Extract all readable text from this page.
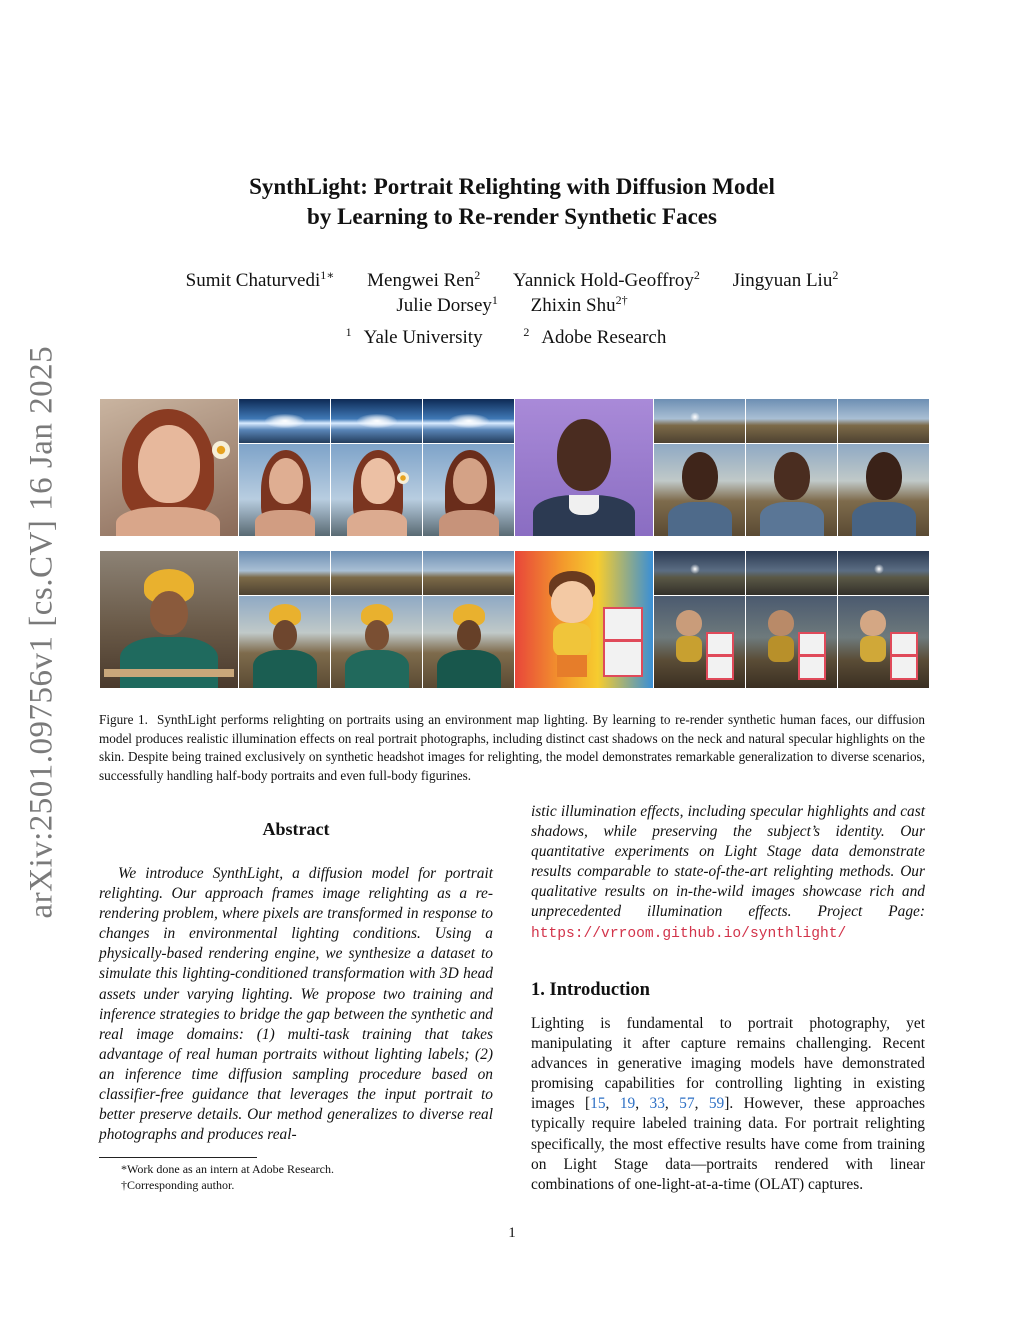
arXiv:2501.09756v1 [cs.CV] 16 Jan 2025
SynthLight: Portrait Relighting with Diffusion Model
by Learning to Re-render Synthetic Faces
Sumit Chaturvedi$^{1∗}$ Mengwei Ren$^2$ Yannick Hold-Geoffroy$^2$ Jingyuan Liu$^2$
Julie Dorsey$^1$ Zhixin Shu$^{2\dagger}$
$^1$ Yale University	$^2$ Adobe Research
Figure 1. SynthLight performs relighting on portraits using an environment map lighting. By learning to re-render synthetic human faces, our diffusion model produces realistic illumination effects on real portrait photographs, including distinct cast shadows on the neck and natural specular highlights on the skin. Despite being trained exclusively on synthetic headshot images for relighting, the model demonstrates remarkable generalization to diverse scenarios, successfully handling half-body portraits and even full-body figurines.
Abstract
We introduce SynthLight, a diffusion model for portrait relighting. Our approach frames image relighting as a re-rendering problem, where pixels are transformed in response to changes in environmental lighting conditions. Using a physically-based rendering engine, we synthesize a dataset to simulate this lighting-conditioned transformation with 3D head assets under varying lighting. We propose two training and inference strategies to bridge the gap between the synthetic and real image domains: (1) multi-task training that takes advantage of real human portraits without lighting labels; (2) an inference time diffusion sampling procedure based on classifier-free guidance that leverages the input portrait to better preserve details. Our method generalizes to diverse real photographs and produces real-
istic illumination effects, including specular highlights and cast shadows, while preserving the subject’s identity. Our quantitative experiments on Light Stage data demonstrate results comparable to state-of-the-art relighting methods. Our qualitative results on in-the-wild images showcase rich and unprecedented illumination effects. Project Page: https://vrroom.github.io/synthlight/
*Work done as an intern at Adobe Research.
†Corresponding author.
1. Introduction
Lighting is fundamental to portrait photography, yet manipulating it after capture remains challenging. Recent advances in generative imaging models have demonstrated promising capabilities for controlling lighting in existing images [15, 19, 33, 57, 59]. However, these approaches typically require labeled training data. For portrait relighting specifically, the most effective results have come from training on Light Stage data—portraits rendered with linear combinations of one-light-at-a-time (OLAT) captures.
1
